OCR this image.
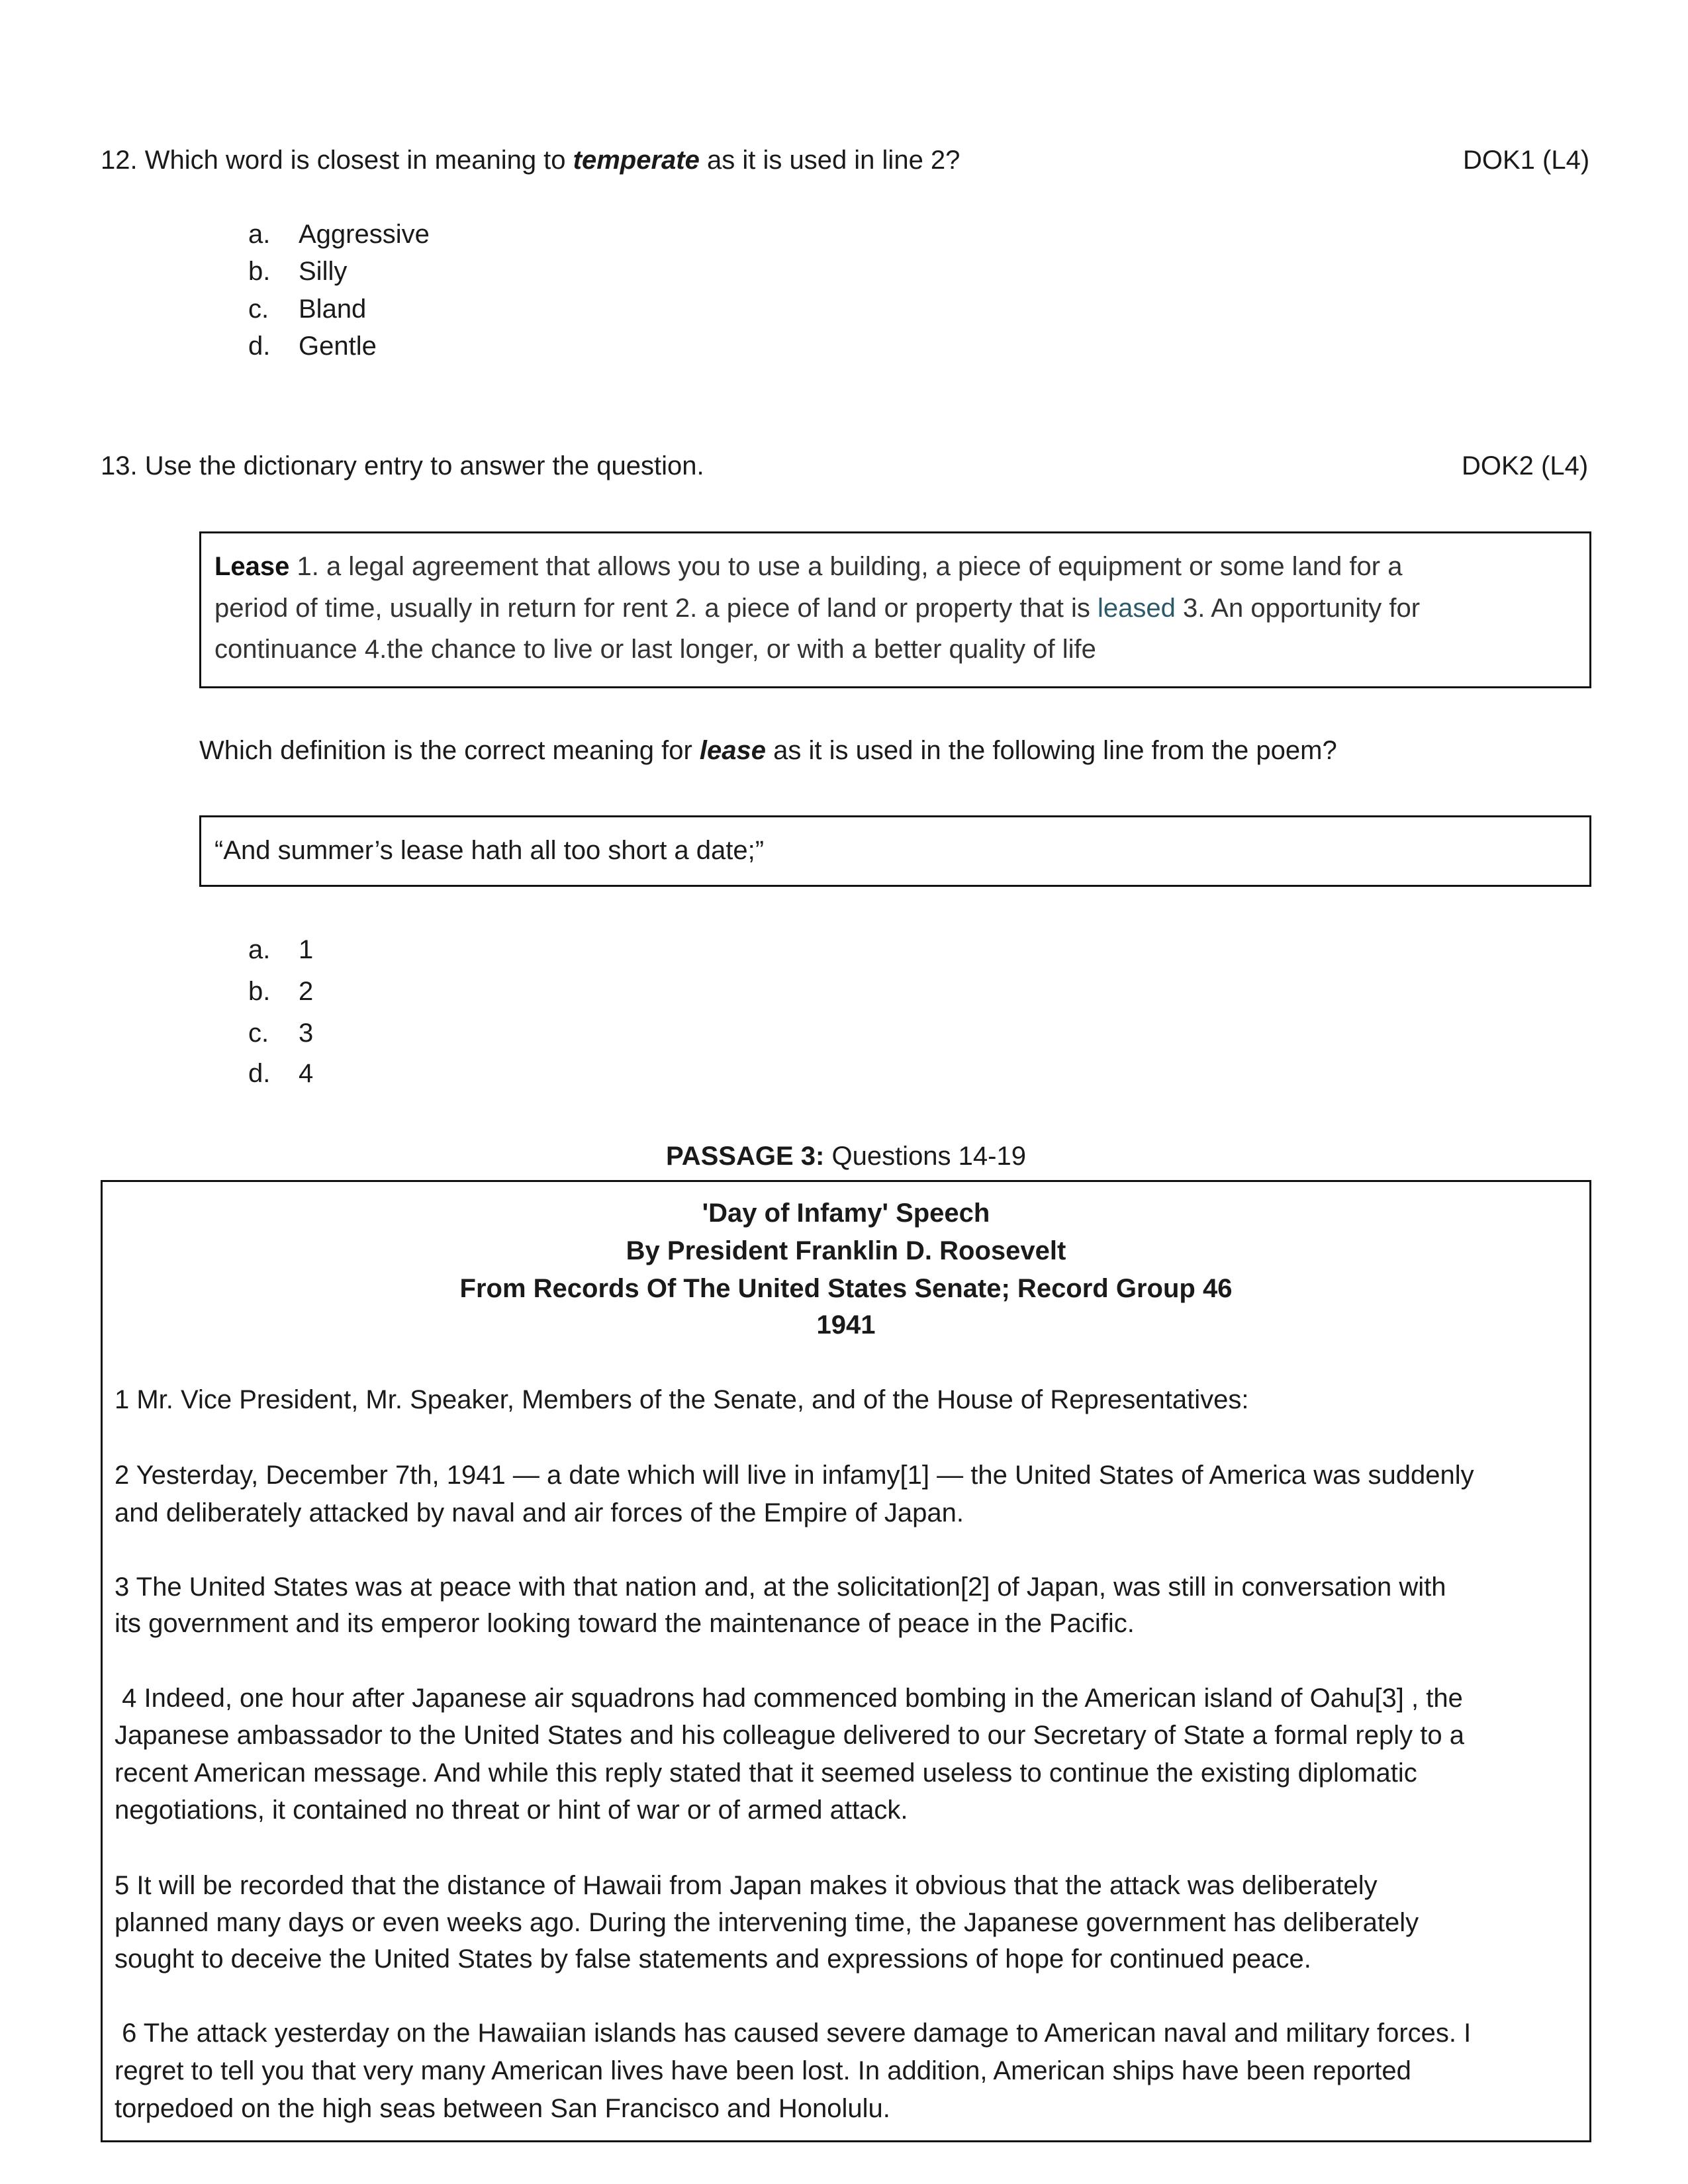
12. Which word is closest in meaning to temperate as it is used in line 2?	DOK1 (L4)
a. Aggressive
b. Silly
c. Bland
d. Gentle
13. Use the dictionary entry to answer the question.	DOK2 (L4)
Lease 1. a legal agreement that allows you to use a building, a piece of equipment or some land for a
period of time, usually in return for rent 2. a piece of land or property that is leased 3. An opportunity for
continuance 4.the chance to live or last longer, or with a better quality of life
Which definition is the correct meaning for lease as it is used in the following line from the poem?
“And summer’s lease hath all too short a date;”
a. 1
b. 2
c. 3
d. 4
PASSAGE 3: Questions 14-19
'Day of Infamy' Speech
By President Franklin D. Roosevelt
From Records Of The United States Senate; Record Group 46
1941
1 Mr. Vice President, Mr. Speaker, Members of the Senate, and of the House of Representatives:
2 Yesterday, December 7th, 1941 — a date which will live in infamy[1] — the United States of America was suddenly
and deliberately attacked by naval and air forces of the Empire of Japan.
3 The United States was at peace with that nation and, at the solicitation[2] of Japan, was still in conversation with
its government and its emperor looking toward the maintenance of peace in the Pacific.
4 Indeed, one hour after Japanese air squadrons had commenced bombing in the American island of Oahu[3] , the
Japanese ambassador to the United States and his colleague delivered to our Secretary of State a formal reply to a
recent American message. And while this reply stated that it seemed useless to continue the existing diplomatic
negotiations, it contained no threat or hint of war or of armed attack.
5 It will be recorded that the distance of Hawaii from Japan makes it obvious that the attack was deliberately
planned many days or even weeks ago. During the intervening time, the Japanese government has deliberately
sought to deceive the United States by false statements and expressions of hope for continued peace.
6 The attack yesterday on the Hawaiian islands has caused severe damage to American naval and military forces. I
regret to tell you that very many American lives have been lost. In addition, American ships have been reported
torpedoed on the high seas between San Francisco and Honolulu.
